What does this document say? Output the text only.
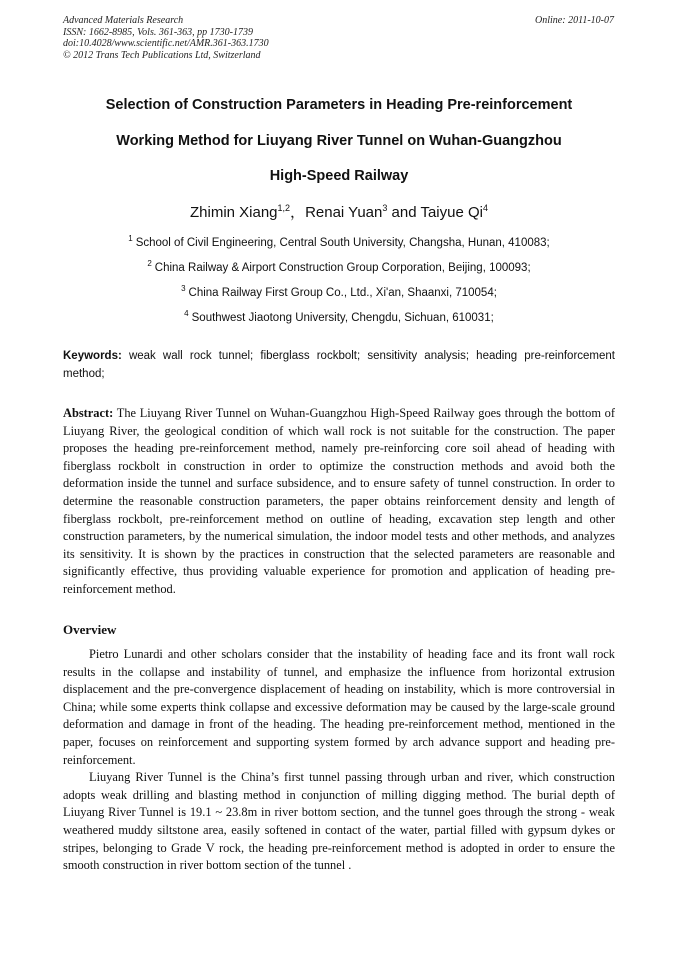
Advanced Materials Research
ISSN: 1662-8985, Vols. 361-363, pp 1730-1739
doi:10.4028/www.scientific.net/AMR.361-363.1730
© 2012 Trans Tech Publications Ltd, Switzerland
Online: 2011-10-07
Selection of Construction Parameters in Heading Pre-reinforcement
Working Method for Liuyang River Tunnel on Wuhan-Guangzhou
High-Speed Railway
Zhimin Xiang$^{1,2}$，Renai Yuan$^3$ and Taiyue Qi$^4$
$^1$ School of Civil Engineering, Central South University, Changsha, Hunan, 410083;
$^2$ China Railway & Airport Construction Group Corporation, Beijing, 100093;
$^3$ China Railway First Group Co., Ltd., Xi'an, Shaanxi, 710054;
$^4$ Southwest Jiaotong University, Chengdu, Sichuan, 610031;
Keywords: weak wall rock tunnel; fiberglass rockbolt; sensitivity analysis; heading pre-reinforcement method;
Abstract: The Liuyang River Tunnel on Wuhan-Guangzhou High-Speed Railway goes through the bottom of Liuyang River, the geological condition of which wall rock is not suitable for the construction. The paper proposes the heading pre-reinforcement method, namely pre-reinforcing core soil ahead of heading with fiberglass rockbolt in construction in order to optimize the construction methods and avoid both the deformation inside the tunnel and surface subsidence, and to ensure safety of tunnel construction. In order to determine the reasonable construction parameters, the paper obtains reinforcement density and length of fiberglass rockbolt, pre-reinforcement method on outline of heading, excavation step length and other construction parameters, by the numerical simulation, the indoor model tests and other methods, and analyzes its sensitivity. It is shown by the practices in construction that the selected parameters are reasonable and significantly effective, thus providing valuable experience for promotion and application of heading pre-reinforcement method.
Overview

Pietro Lunardi and other scholars consider that the instability of heading face and its front wall rock results in the collapse and instability of tunnel, and emphasize the influence from horizontal extrusion displacement and the pre-convergence displacement of heading on instability, which is more controversial in China; while some experts think collapse and excessive deformation may be caused by the large-scale ground deformation and damage in front of the heading. The heading pre-reinforcement method, mentioned in the paper, focuses on reinforcement and supporting system formed by arch advance support and heading pre-reinforcement.

Liuyang River Tunnel is the China’s first tunnel passing through urban and river, which construction adopts weak drilling and blasting method in conjunction of milling digging method. The burial depth of Liuyang River Tunnel is 19.1 ~ 23.8m in river bottom section, and the tunnel goes through the strong - weak weathered muddy siltstone area, easily softened in contact of the water, partial filled with gypsum dykes or stripes, belonging to Grade V rock, the heading pre-reinforcement method is adopted in order to ensure the smooth construction in river bottom section of the tunnel .
